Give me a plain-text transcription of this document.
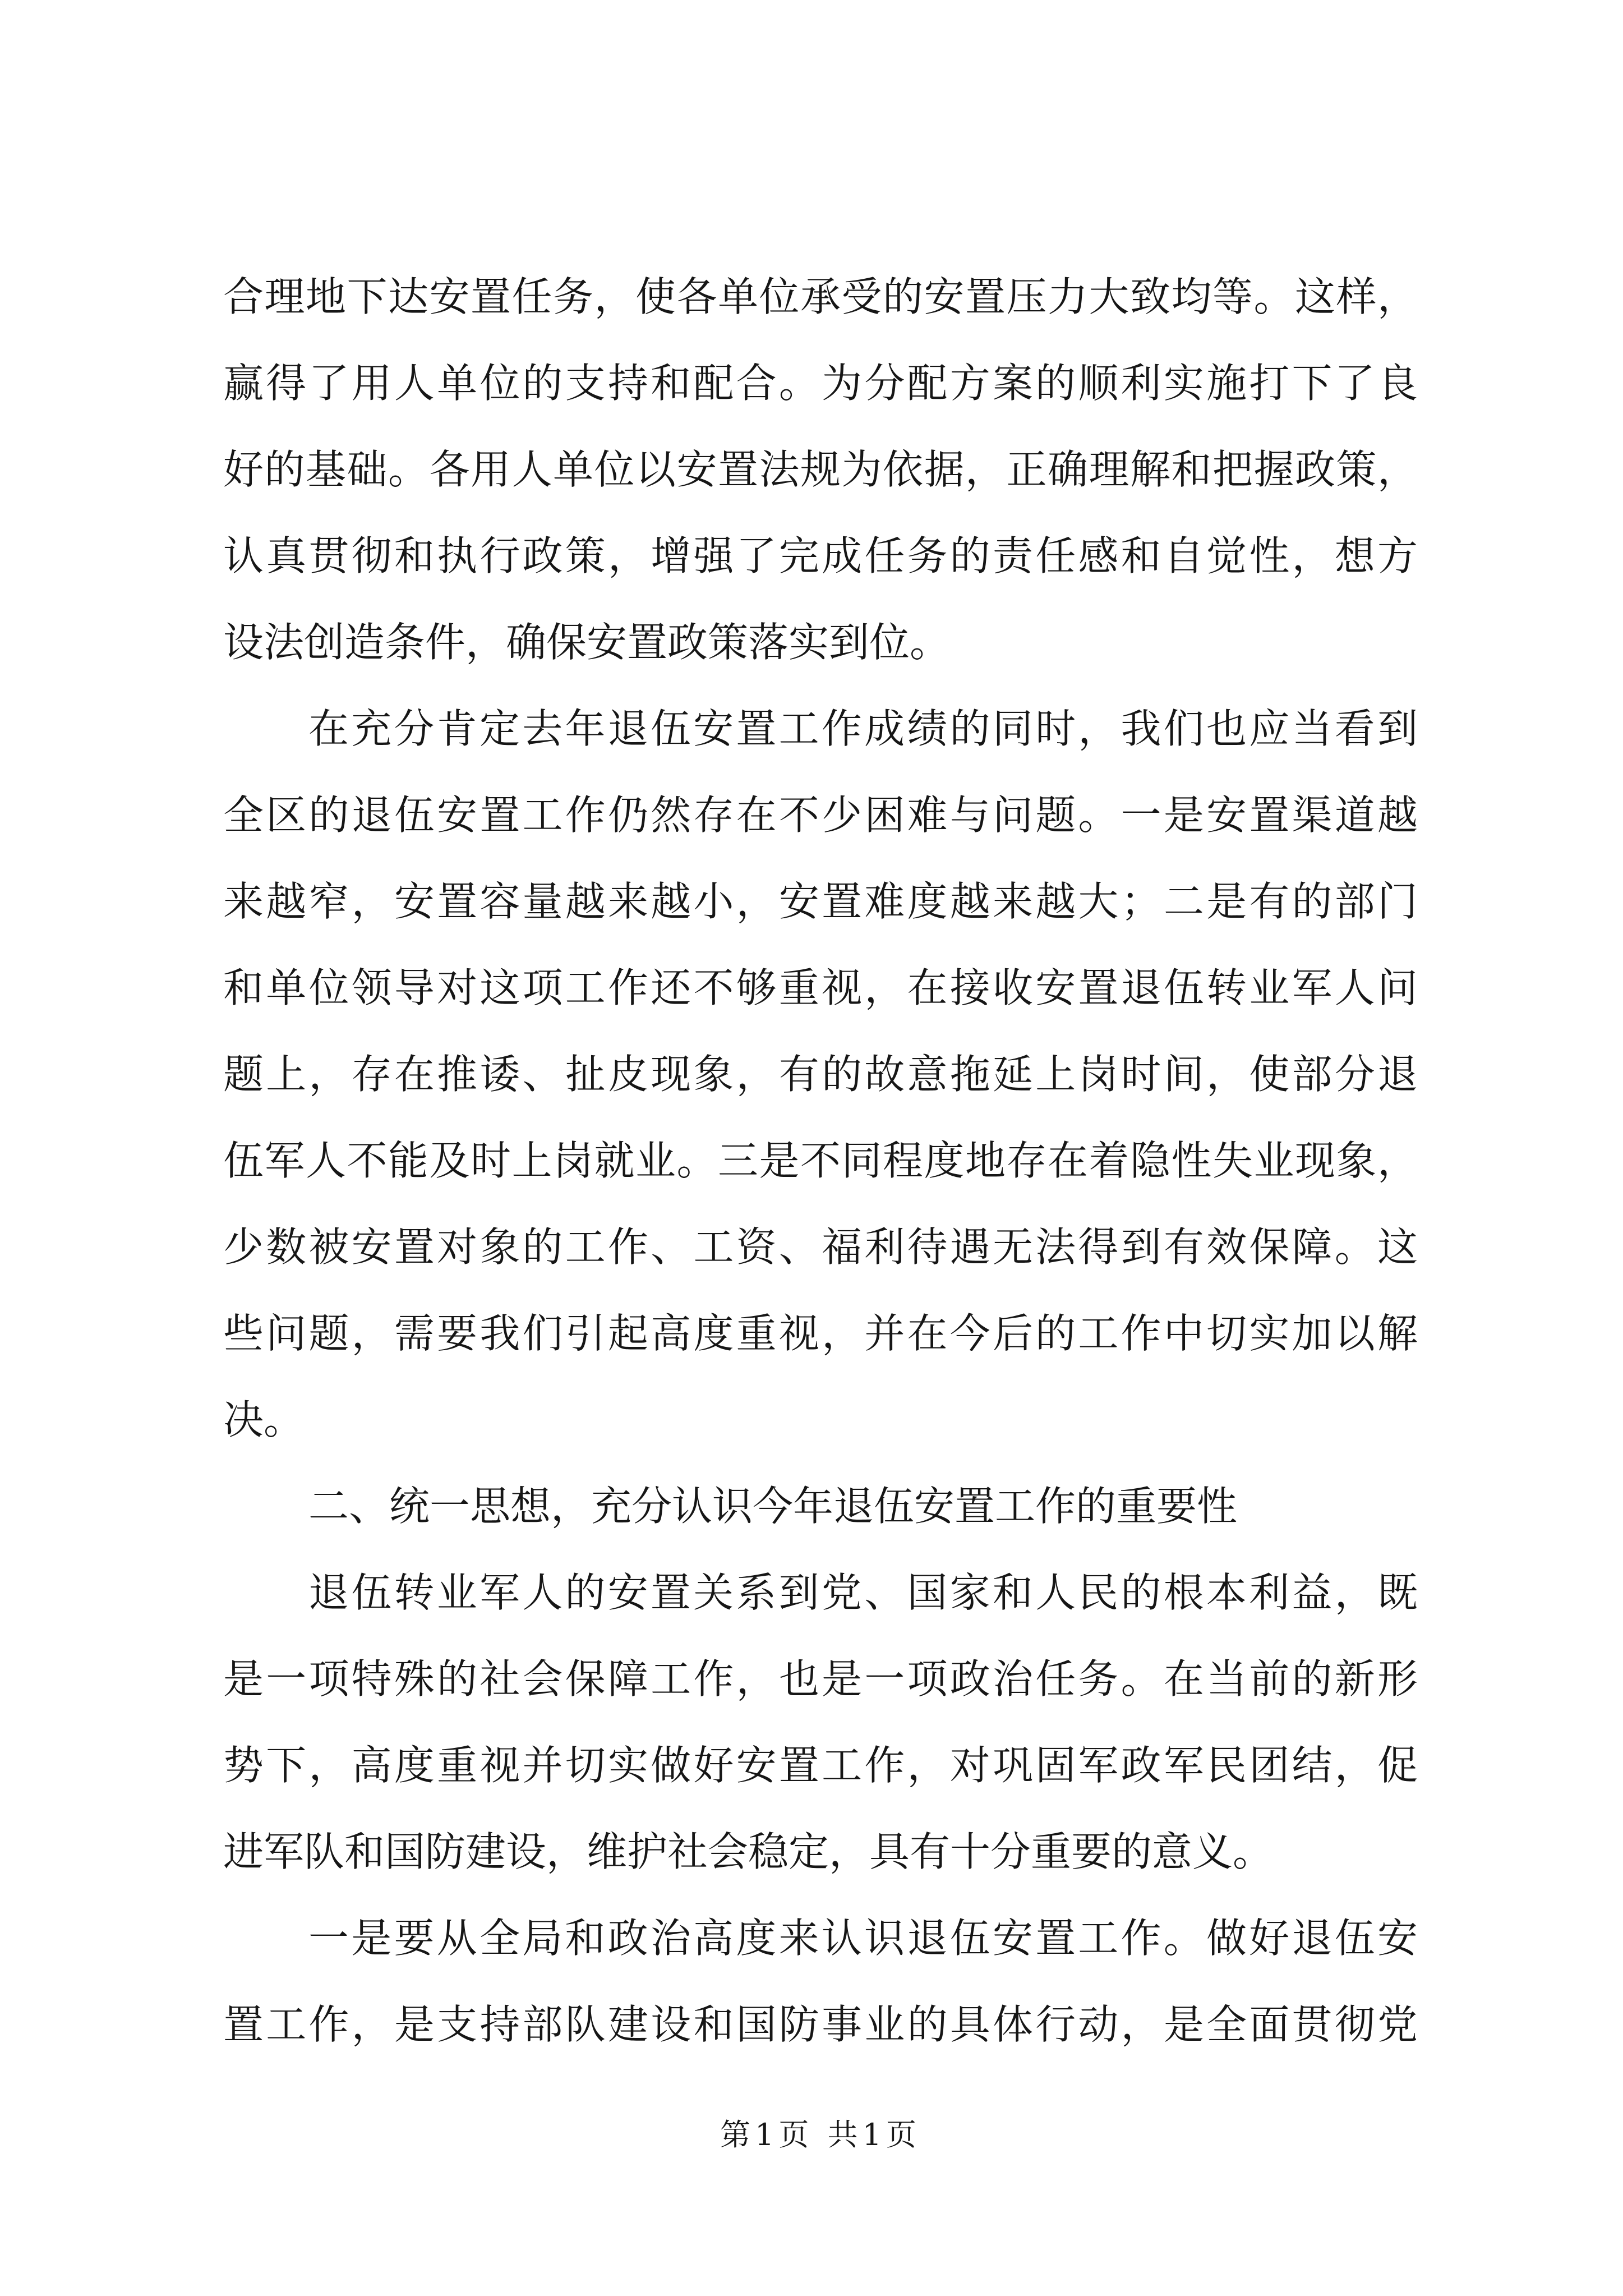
合理地下达安置任务，使各单位承受的安置压力大致均等。这样，
赢得了用人单位的支持和配合。为分配方案的顺利实施打下了良
好的基础。各用人单位以安置法规为依据，正确理解和把握政策，
认真贯彻和执行政策，增强了完成任务的责任感和自觉性，想方
设法创造条件，确保安置政策落实到位。
在充分肯定去年退伍安置工作成绩的同时，我们也应当看到
全区的退伍安置工作仍然存在不少困难与问题。一是安置渠道越
来越窄，安置容量越来越小，安置难度越来越大；二是有的部门
和单位领导对这项工作还不够重视，在接收安置退伍转业军人问
题上，存在推诿、扯皮现象，有的故意拖延上岗时间，使部分退
伍军人不能及时上岗就业。三是不同程度地存在着隐性失业现象，
少数被安置对象的工作、工资、福利待遇无法得到有效保障。这
些问题，需要我们引起高度重视，并在今后的工作中切实加以解
决。
二、统一思想，充分认识今年退伍安置工作的重要性
退伍转业军人的安置关系到党、国家和人民的根本利益，既
是一项特殊的社会保障工作，也是一项政治任务。在当前的新形
势下，高度重视并切实做好安置工作，对巩固军政军民团结，促
进军队和国防建设，维护社会稳定，具有十分重要的意义。
一是要从全局和政治高度来认识退伍安置工作。做好退伍安
置工作，是支持部队建设和国防事业的具体行动，是全面贯彻党
第1页 共1页
